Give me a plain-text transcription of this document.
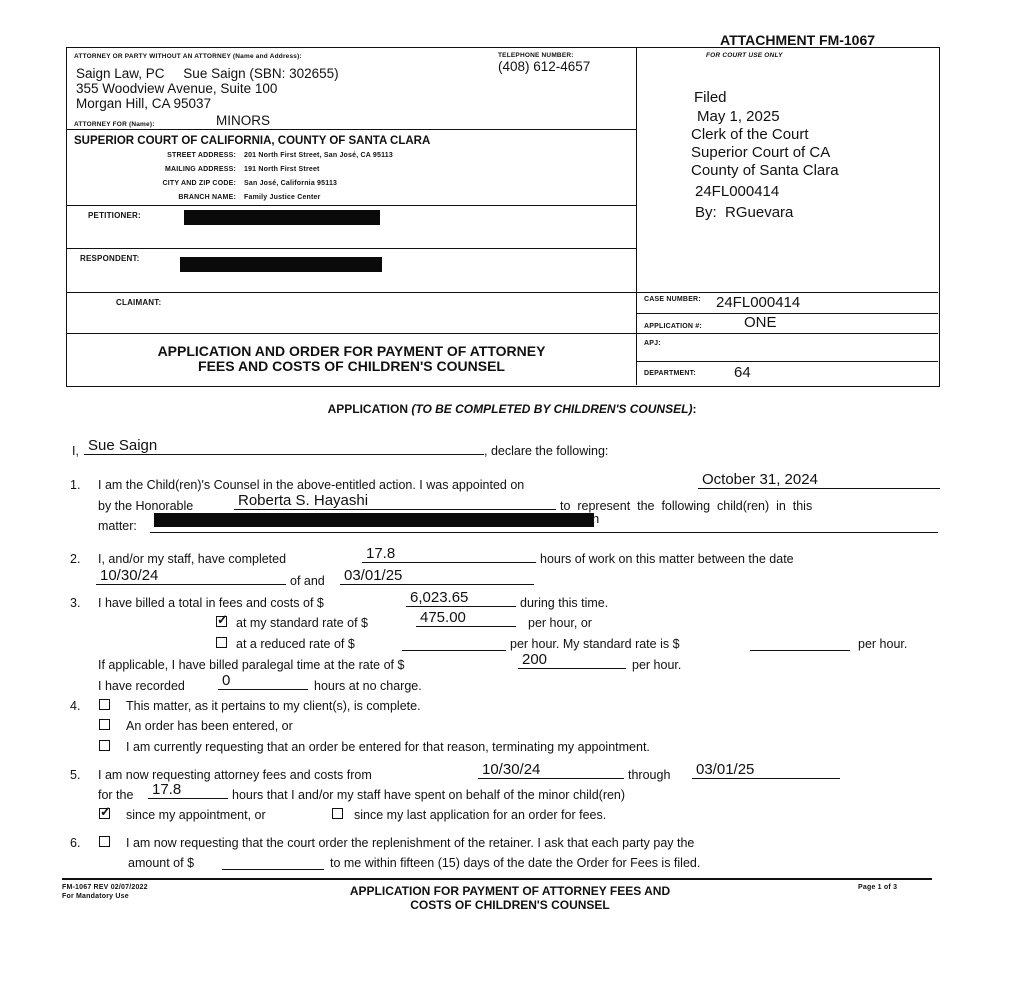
ATTACHMENT FM-1067
ATTORNEY OR PARTY WITHOUT AN ATTORNEY (Name and Address):	TELEPHONE NUMBER:
(408) 612-4657
Saign Law, PC     Sue Saign (SBN: 302655)
355 Woodview Avenue, Suite 100
Morgan Hill, CA 95037
ATTORNEY FOR (Name):	MINORS
SUPERIOR COURT OF CALIFORNIA, COUNTY OF SANTA CLARA
STREET ADDRESS: 201 North First Street, San José, CA 95113
MAILING ADDRESS: 191 North First Street
CITY AND ZIP CODE: San José, California 95113
BRANCH NAME: Family Justice Center
PETITIONER:
RESPONDENT:
CLAIMANT:
APPLICATION AND ORDER FOR PAYMENT OF ATTORNEY
FEES AND COSTS OF CHILDREN'S COUNSEL
FOR COURT USE ONLY
Filed
May 1, 2025
Clerk of the Court
Superior Court of CA
County of Santa Clara
24FL000414
By:  RGuevara
CASE NUMBER: 24FL000414
APPLICATION #:	ONE
APJ:
DEPARTMENT:	64
APPLICATION (TO BE COMPLETED BY CHILDREN'S COUNSEL):
I, Sue Saign	, declare the following:
1. I am the Child(ren)'s Counsel in the above-entitled action. I was appointed on	October 31, 2024
by the Honorable	Roberta S. Hayashi	to  represent  the  following  child(ren)  in  this
matter:	h
2. I, and/or my staff, have completed	17.8	hours of work on this matter between the date
10/30/24	of and 03/01/25
3. I have billed a total in fees and costs of $	6,023.65	during this time.
✓
at my standard rate of $	475.00	per hour, or
at a reduced rate of $	per hour. My standard rate is $	per hour.
If applicable, I have billed paralegal time at the rate of $	200	per hour.
I have recorded 0	hours at no charge.
4.	This matter, as it pertains to my client(s), is complete.
An order has been entered, or
I am currently requesting that an order be entered for that reason, terminating my appointment.
5. I am now requesting attorney fees and costs from	10/30/24	through 03/01/25
for the 17.8	hours that I and/or my staff have spent on behalf of the minor child(ren)
✓
since my appointment, or	since my last application for an order for fees.
6.	I am now requesting that the court order the replenishment of the retainer. I ask that each party pay the
amount of $	to me within fifteen (15) days of the date the Order for Fees is filed.
FM-1067 REV 02/07/2022
For Mandatory Use	APPLICATION FOR PAYMENT OF ATTORNEY FEES AND
COSTS OF CHILDREN'S COUNSEL
Page 1 of 3
